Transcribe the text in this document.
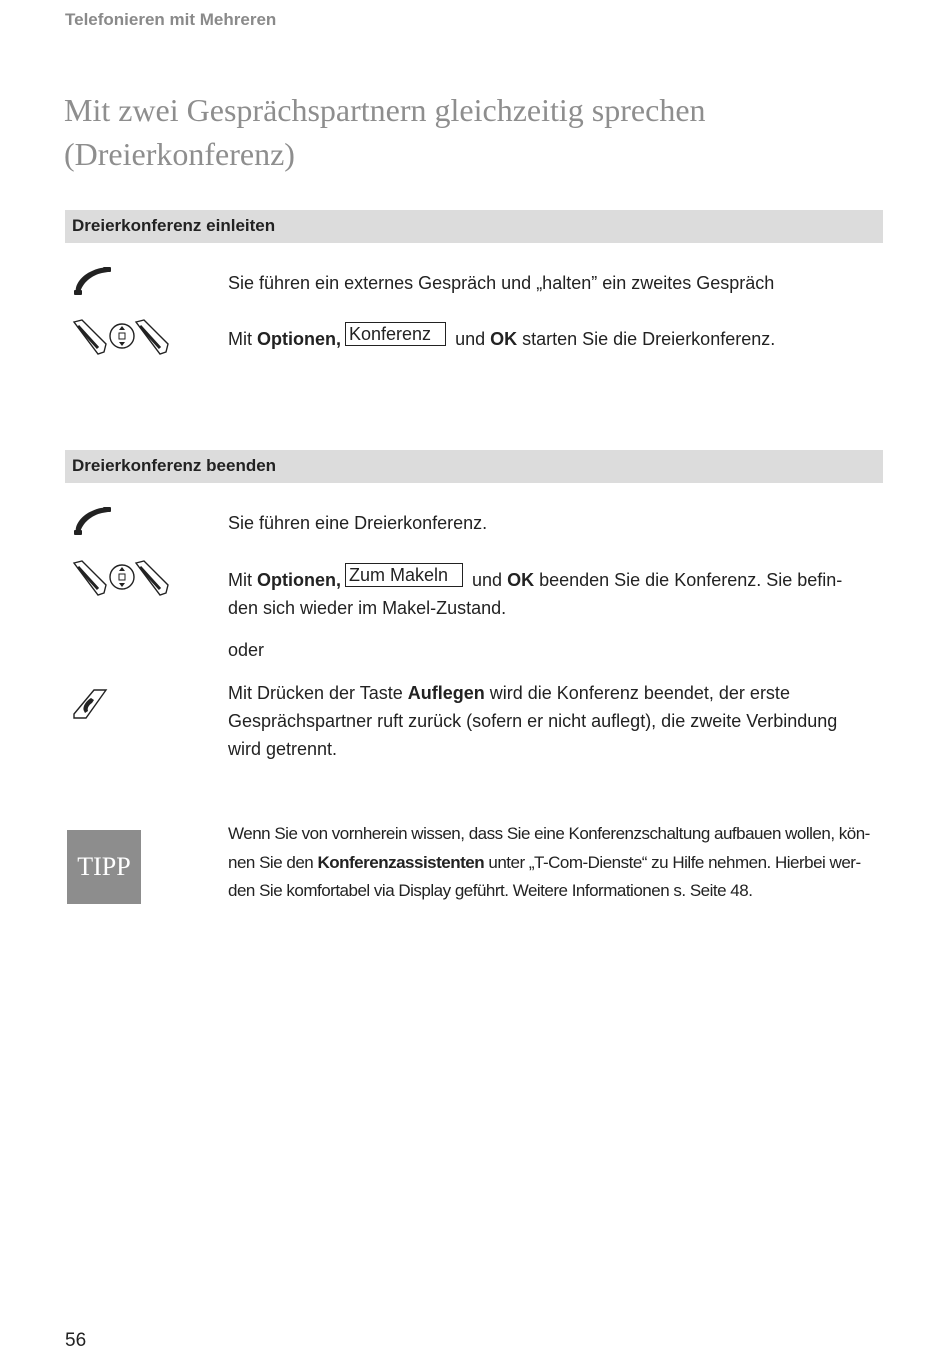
Telefonieren mit Mehreren
Mit zwei Gesprächspartnern gleichzeitig sprechen
(Dreierkonferenz)
Dreierkonferenz einleiten
Sie führen ein externes Gespräch und „halten” ein zweites Gespräch
Mit Optionen, Konferenz und OK starten Sie die Dreierkonferenz.
Dreierkonferenz beenden
Sie führen eine Dreierkonferenz.
Mit Optionen, Zum Makeln und OK beenden Sie die Konferenz. Sie befin-
den sich wieder im Makel-Zustand.
oder
Mit Drücken der Taste Auflegen wird die Konferenz beendet, der erste
Gesprächspartner ruft zurück (sofern er nicht auflegt), die zweite Verbindung
wird getrennt.
TIPP
Wenn Sie von vornherein wissen, dass Sie eine Konferenzschaltung aufbauen wollen, kön-
nen Sie den Konferenzassistenten unter „T-Com-Dienste“ zu Hilfe nehmen. Hierbei wer-
den Sie komfortabel via Display geführt. Weitere Informationen s. Seite 48.
56
